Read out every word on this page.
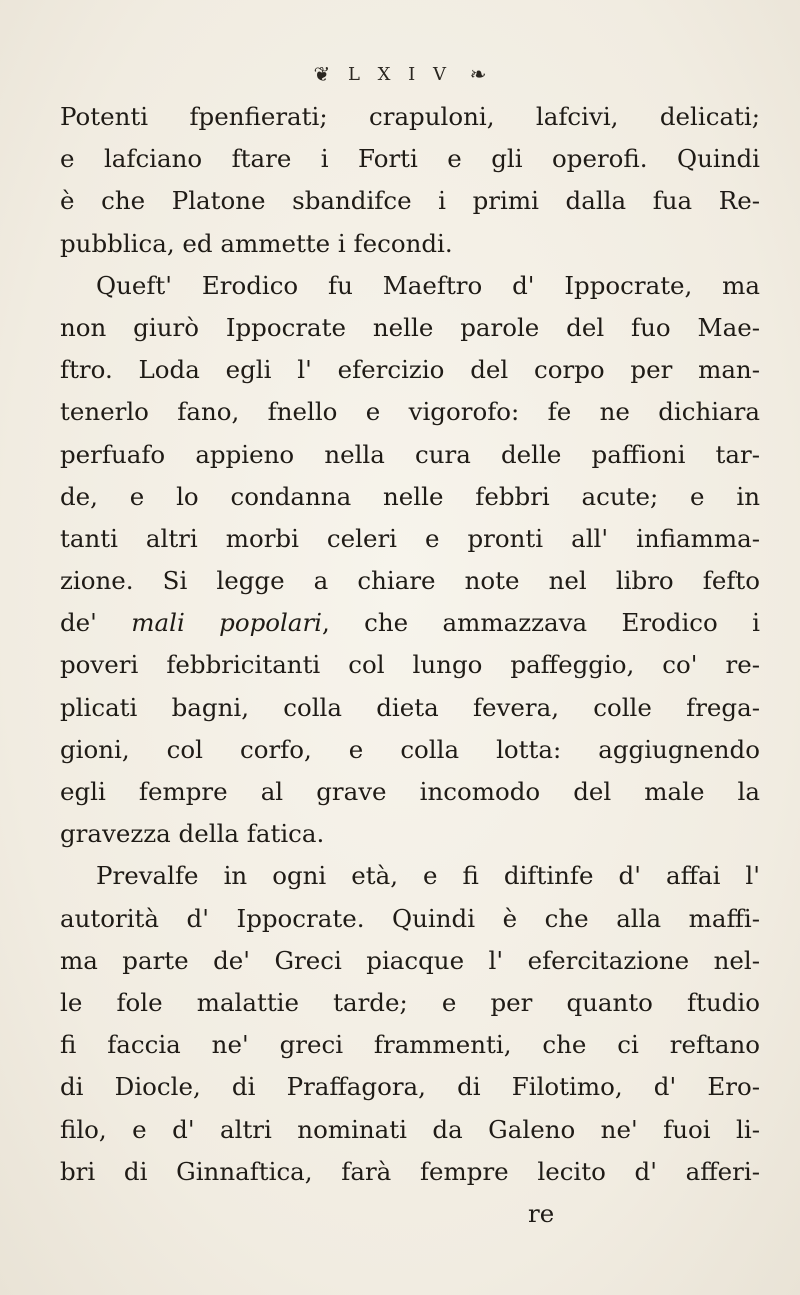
❦ L X I V ❧
Potenti fpenfierati; crapuloni, lafcivi, delicati;
e lafciano ftare i Forti e gli operofi. Quindi
è che Platone sbandifce i primi dalla fua Re-
pubblica, ed ammette i fecondi.
Queft' Erodico fu Maeftro d' Ippocrate, ma
non giurò Ippocrate nelle parole del fuo Mae-
ftro. Loda egli l' efercizio del corpo per man-
tenerlo fano, fnello e vigorofo: fe ne dichiara
perfuafo appieno nella cura delle paffioni tar-
de, e lo condanna nelle febbri acute; e in
tanti altri morbi celeri e pronti all' infiamma-
zione. Si legge a chiare note nel libro fefto
de' mali popolari, che ammazzava Erodico i
poveri febbricitanti col lungo paffeggio, co' re-
plicati bagni, colla dieta fevera, colle frega-
gioni, col corfo, e colla lotta: aggiugnendo
egli fempre al grave incomodo del male la
gravezza della fatica.
Prevalfe in ogni età, e fi diftinfe d' affai l'
autorità d' Ippocrate. Quindi è che alla maffi-
ma parte de' Greci piacque l' efercitazione nel-
le fole malattie tarde; e per quanto ftudio
fi faccia ne' greci frammenti, che ci reftano
di Diocle, di Praffagora, di Filotimo, d' Ero-
filo, e d' altri nominati da Galeno ne' fuoi li-
bri di Ginnaftica, farà fempre lecito d' afferi-
re
